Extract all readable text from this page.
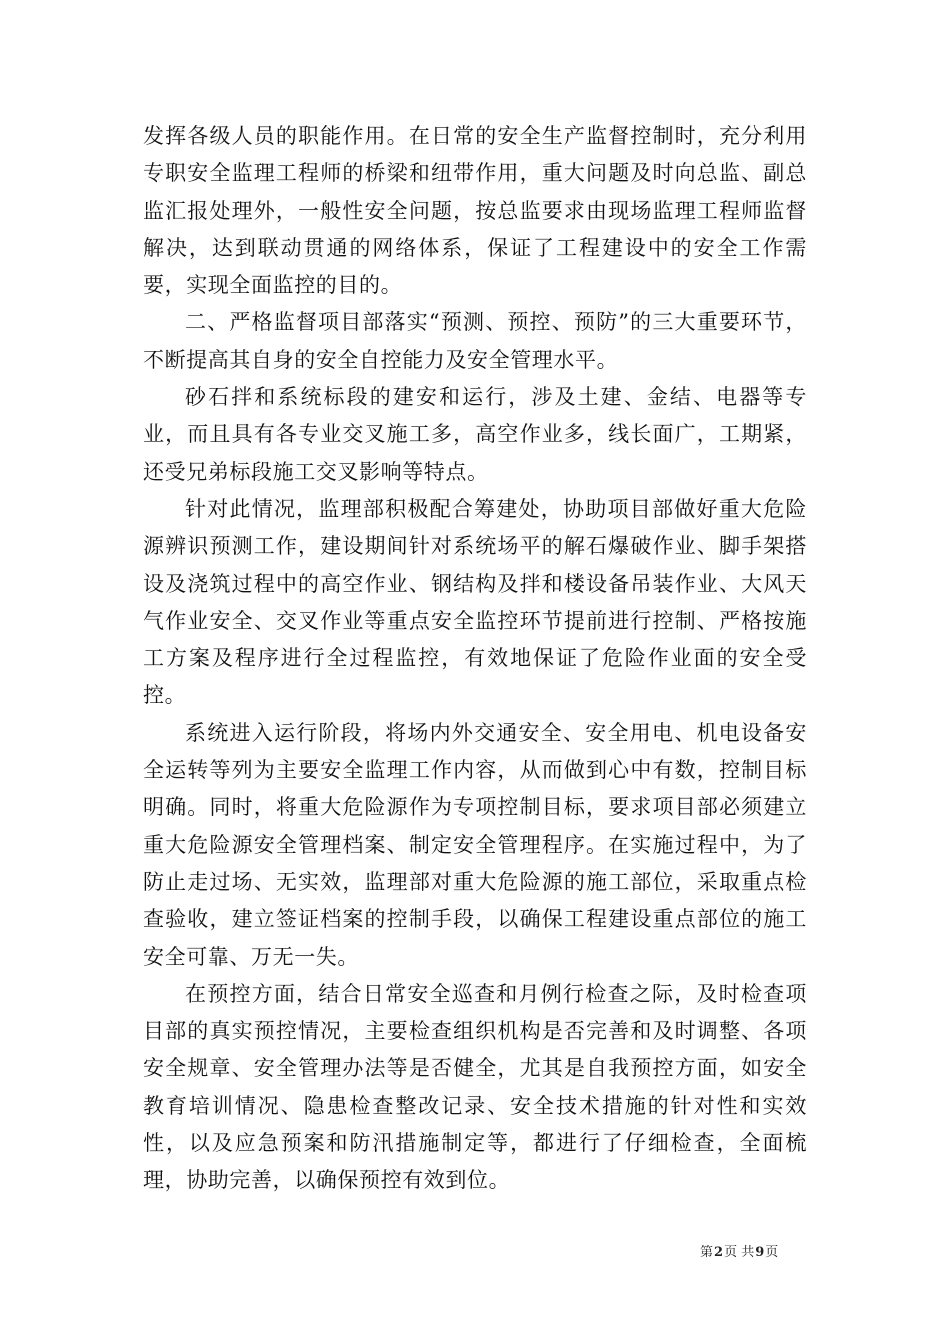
发挥各级人员的职能作用。在日常的安全生产监督控制时，充分利用专职安全监理工程师的桥梁和纽带作用，重大问题及时向总监、副总监汇报处理外，一般性安全问题，按总监要求由现场监理工程师监督解决，达到联动贯通的网络体系，保证了工程建设中的安全工作需要，实现全面监控的目的。

二、严格监督项目部落实“预测、预控、预防”的三大重要环节，不断提高其自身的安全自控能力及安全管理水平。

砂石拌和系统标段的建安和运行，涉及土建、金结、电器等专业，而且具有各专业交叉施工多，高空作业多，线长面广，工期紧，还受兄弟标段施工交叉影响等特点。

针对此情况，监理部积极配合筹建处，协助项目部做好重大危险源辨识预测工作，建设期间针对系统场平的解石爆破作业、脚手架搭设及浇筑过程中的高空作业、钢结构及拌和楼设备吊装作业、大风天气作业安全、交叉作业等重点安全监控环节提前进行控制、严格按施工方案及程序进行全过程监控，有效地保证了危险作业面的安全受控。

系统进入运行阶段，将场内外交通安全、安全用电、机电设备安全运转等列为主要安全监理工作内容，从而做到心中有数，控制目标明确。同时，将重大危险源作为专项控制目标，要求项目部必须建立重大危险源安全管理档案、制定安全管理程序。在实施过程中，为了防止走过场、无实效，监理部对重大危险源的施工部位，采取重点检查验收，建立签证档案的控制手段，以确保工程建设重点部位的施工安全可靠、万无一失。

在预控方面，结合日常安全巡查和月例行检查之际，及时检查项目部的真实预控情况，主要检查组织机构是否完善和及时调整、各项安全规章、安全管理办法等是否健全，尤其是自我预控方面，如安全教育培训情况、隐患检查整改记录、安全技术措施的针对性和实效性，以及应急预案和防汛措施制定等，都进行了仔细检查，全面梳理，协助完善，以确保预控有效到位。

第2页 共9页
